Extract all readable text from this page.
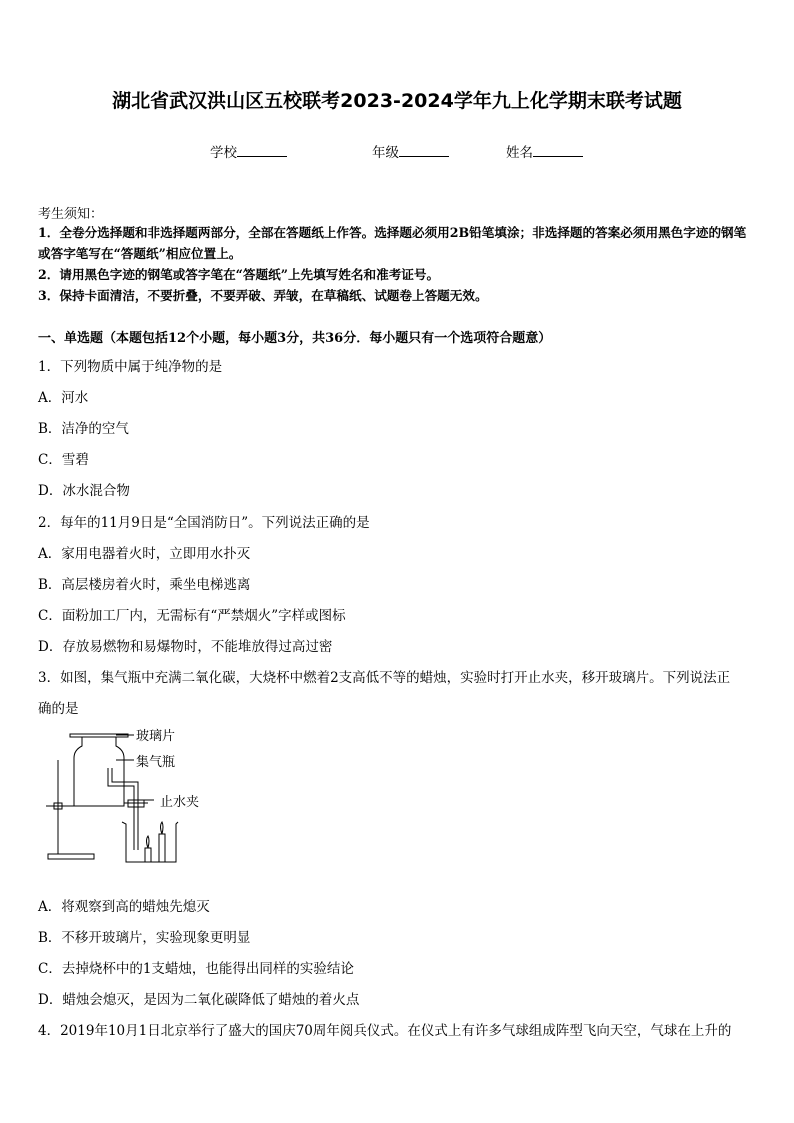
湖北省武汉洪山区五校联考2023-2024学年九上化学期末联考试题
学校	年级	姓名
考生须知：
1．全卷分选择题和非选择题两部分，全部在答题纸上作答。选择题必须用2B铅笔填涂；非选择题的答案必须用黑色字迹的钢笔或答字笔写在“答题纸”相应位置上。
2．请用黑色字迹的钢笔或答字笔在“答题纸”上先填写姓名和准考证号。
3．保持卡面清洁，不要折叠，不要弄破、弄皱，在草稿纸、试题卷上答题无效。
一、单选题（本题包括12个小题，每小题3分，共36分．每小题只有一个选项符合题意）
1．下列物质中属于纯净物的是
A．河水
B．洁净的空气
C．雪碧
D．冰水混合物
2．每年的11月9日是“全国消防日”。下列说法正确的是
A．家用电器着火时，立即用水扑灭
B．高层楼房着火时，乘坐电梯逃离
C．面粉加工厂内，无需标有“严禁烟火”字样或图标
D．存放易燃物和易爆物时，不能堆放得过高过密
3．如图，集气瓶中充满二氧化碳，大烧杯中燃着2支高低不等的蜡烛，实验时打开止水夹，移开玻璃片。下列说法正
确的是
玻璃片
集气瓶
止水夹
A．将观察到高的蜡烛先熄灭
B．不移开玻璃片，实验现象更明显
C．去掉烧杯中的1支蜡烛，也能得出同样的实验结论
D．蜡烛会熄灭，是因为二氧化碳降低了蜡烛的着火点
4．2019年10月1日北京举行了盛大的国庆70周年阅兵仪式。在仪式上有许多气球组成阵型飞向天空，气球在上升的
